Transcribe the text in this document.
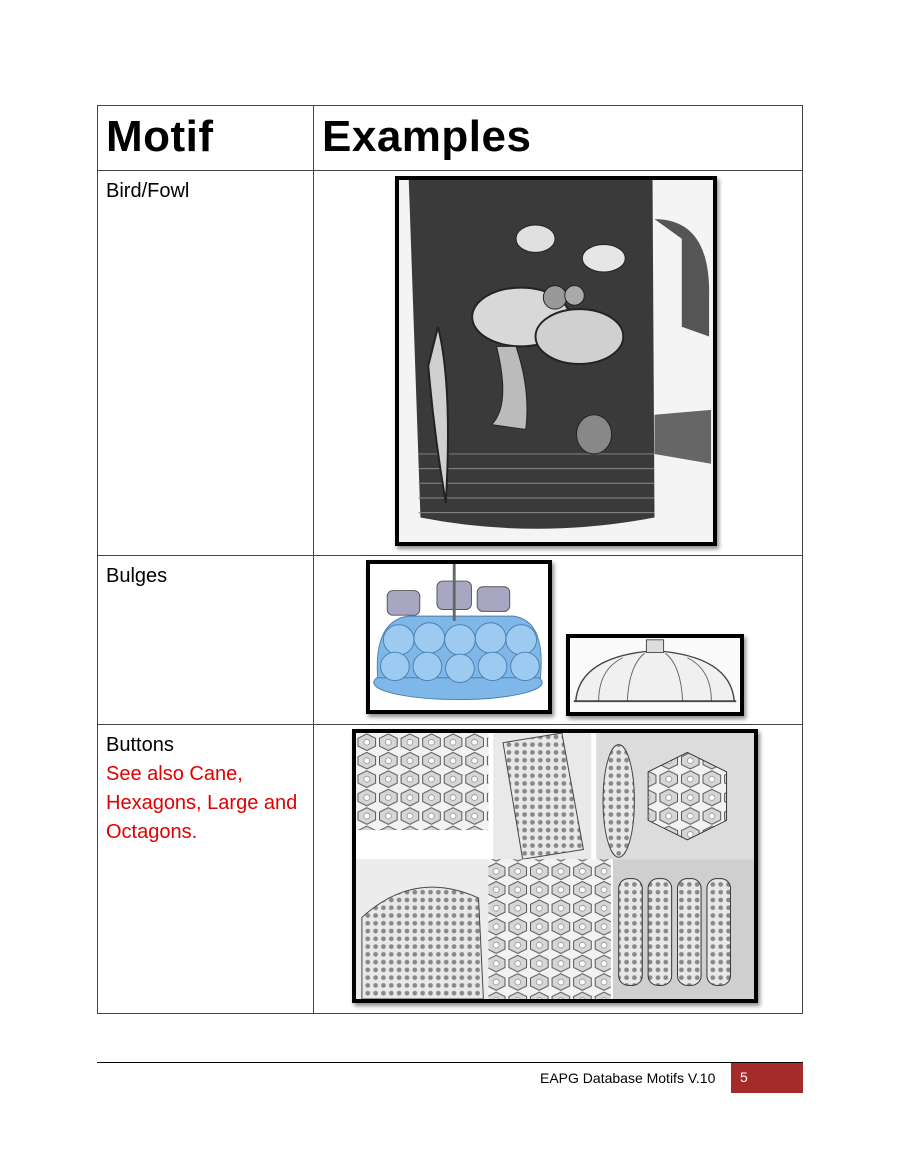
Motif	Examples
Bird/Fowl	

Bulges	

Buttons
See also Cane, Hexagons, Large and Octagons.

EAPG Database Motifs V.10	5
